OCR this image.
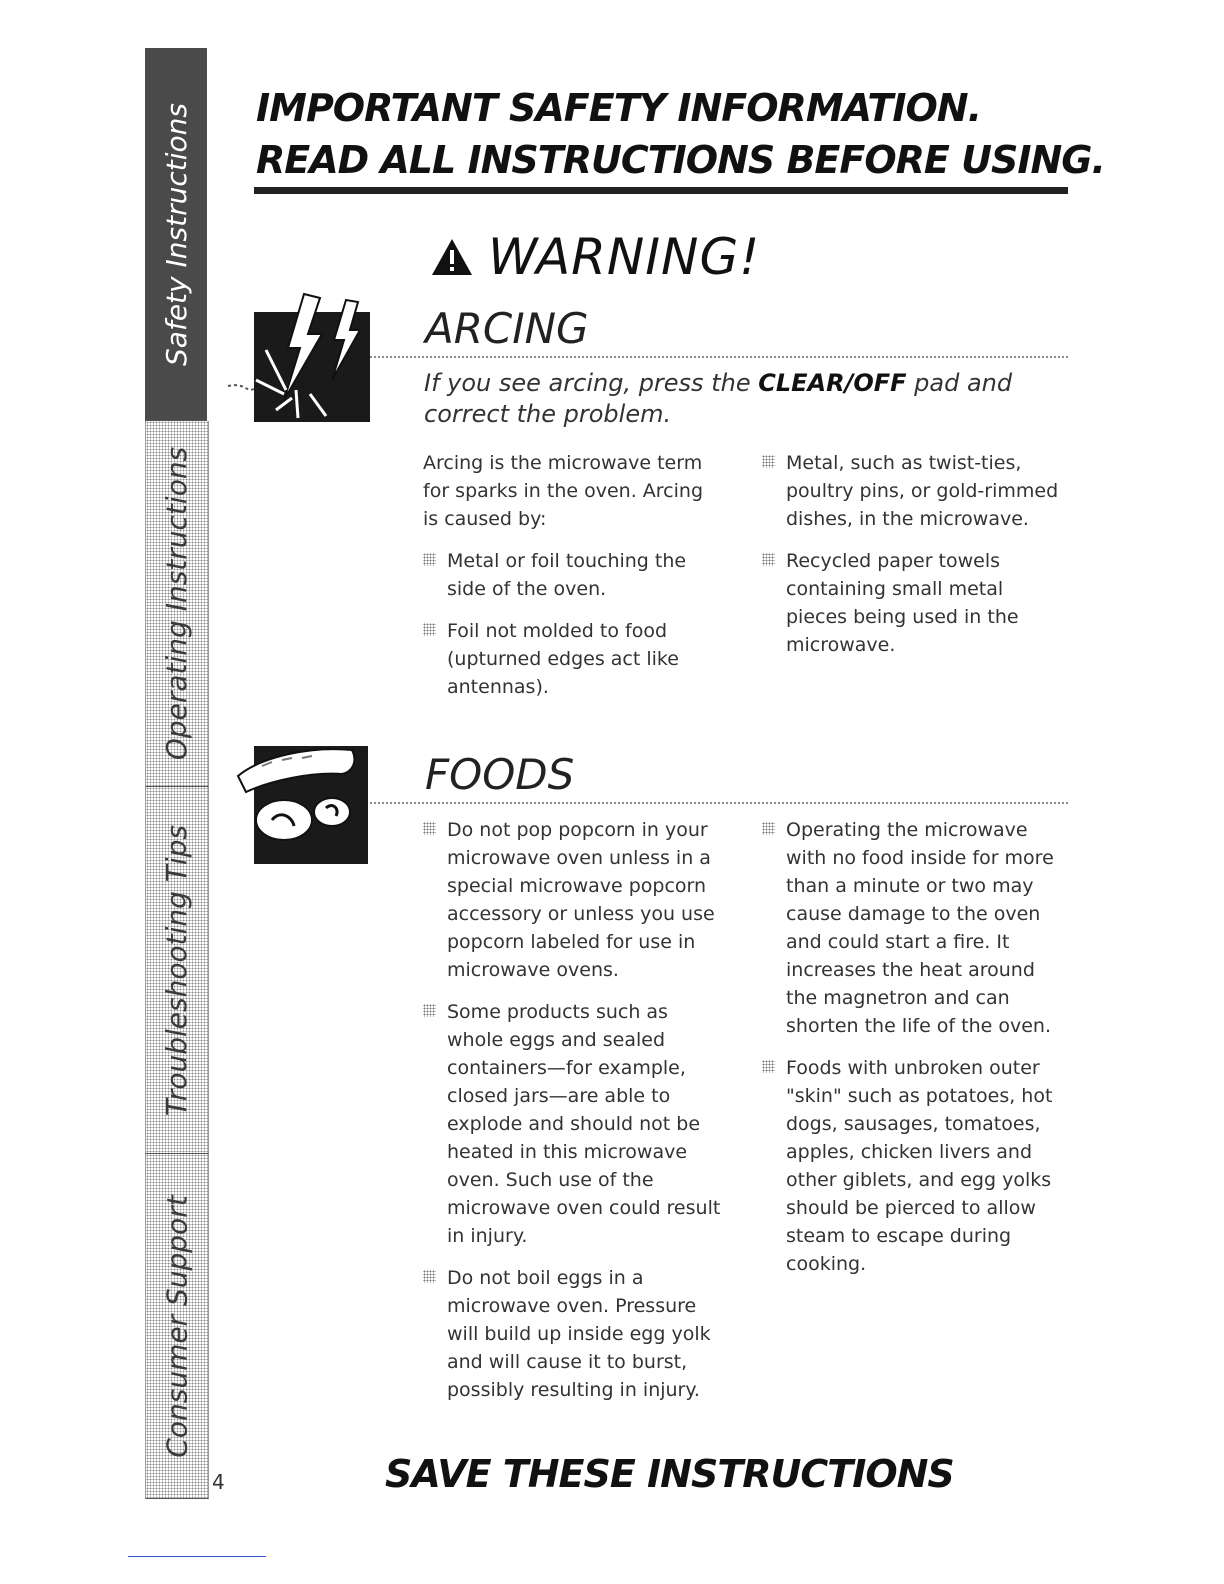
Safety Instructions
Operating Instructions
Troubleshooting Tips
Consumer Support
4
IMPORTANT SAFETY INFORMATION.
READ ALL INSTRUCTIONS BEFORE USING.
WARNING!
ARCING
If you see arcing, press the CLEAR/OFF pad and correct the problem.

Arcing is the microwave term for sparks in the oven. Arcing is caused by:

Metal or foil touching the side of the oven.
Foil not molded to food (upturned edges act like antennas).
Metal, such as twist-ties, poultry pins, or gold-rimmed dishes, in the microwave.
Recycled paper towels containing small metal pieces being used in the microwave.
FOODS
Do not pop popcorn in your microwave oven unless in a special microwave popcorn accessory or unless you use popcorn labeled for use in microwave ovens.
Some products such as whole eggs and sealed containers—for example, closed jars—are able to explode and should not be heated in this microwave oven. Such use of the microwave oven could result in injury.
Do not boil eggs in a microwave oven. Pressure will build up inside egg yolk and will cause it to burst, possibly resulting in injury.
Operating the microwave with no food inside for more than a minute or two may cause damage to the oven and could start a fire. It increases the heat around the magnetron and can shorten the life of the oven.
Foods with unbroken outer "skin" such as potatoes, hot dogs, sausages, tomatoes, apples, chicken livers and other giblets, and egg yolks should be pierced to allow steam to escape during cooking.
SAVE THESE INSTRUCTIONS
